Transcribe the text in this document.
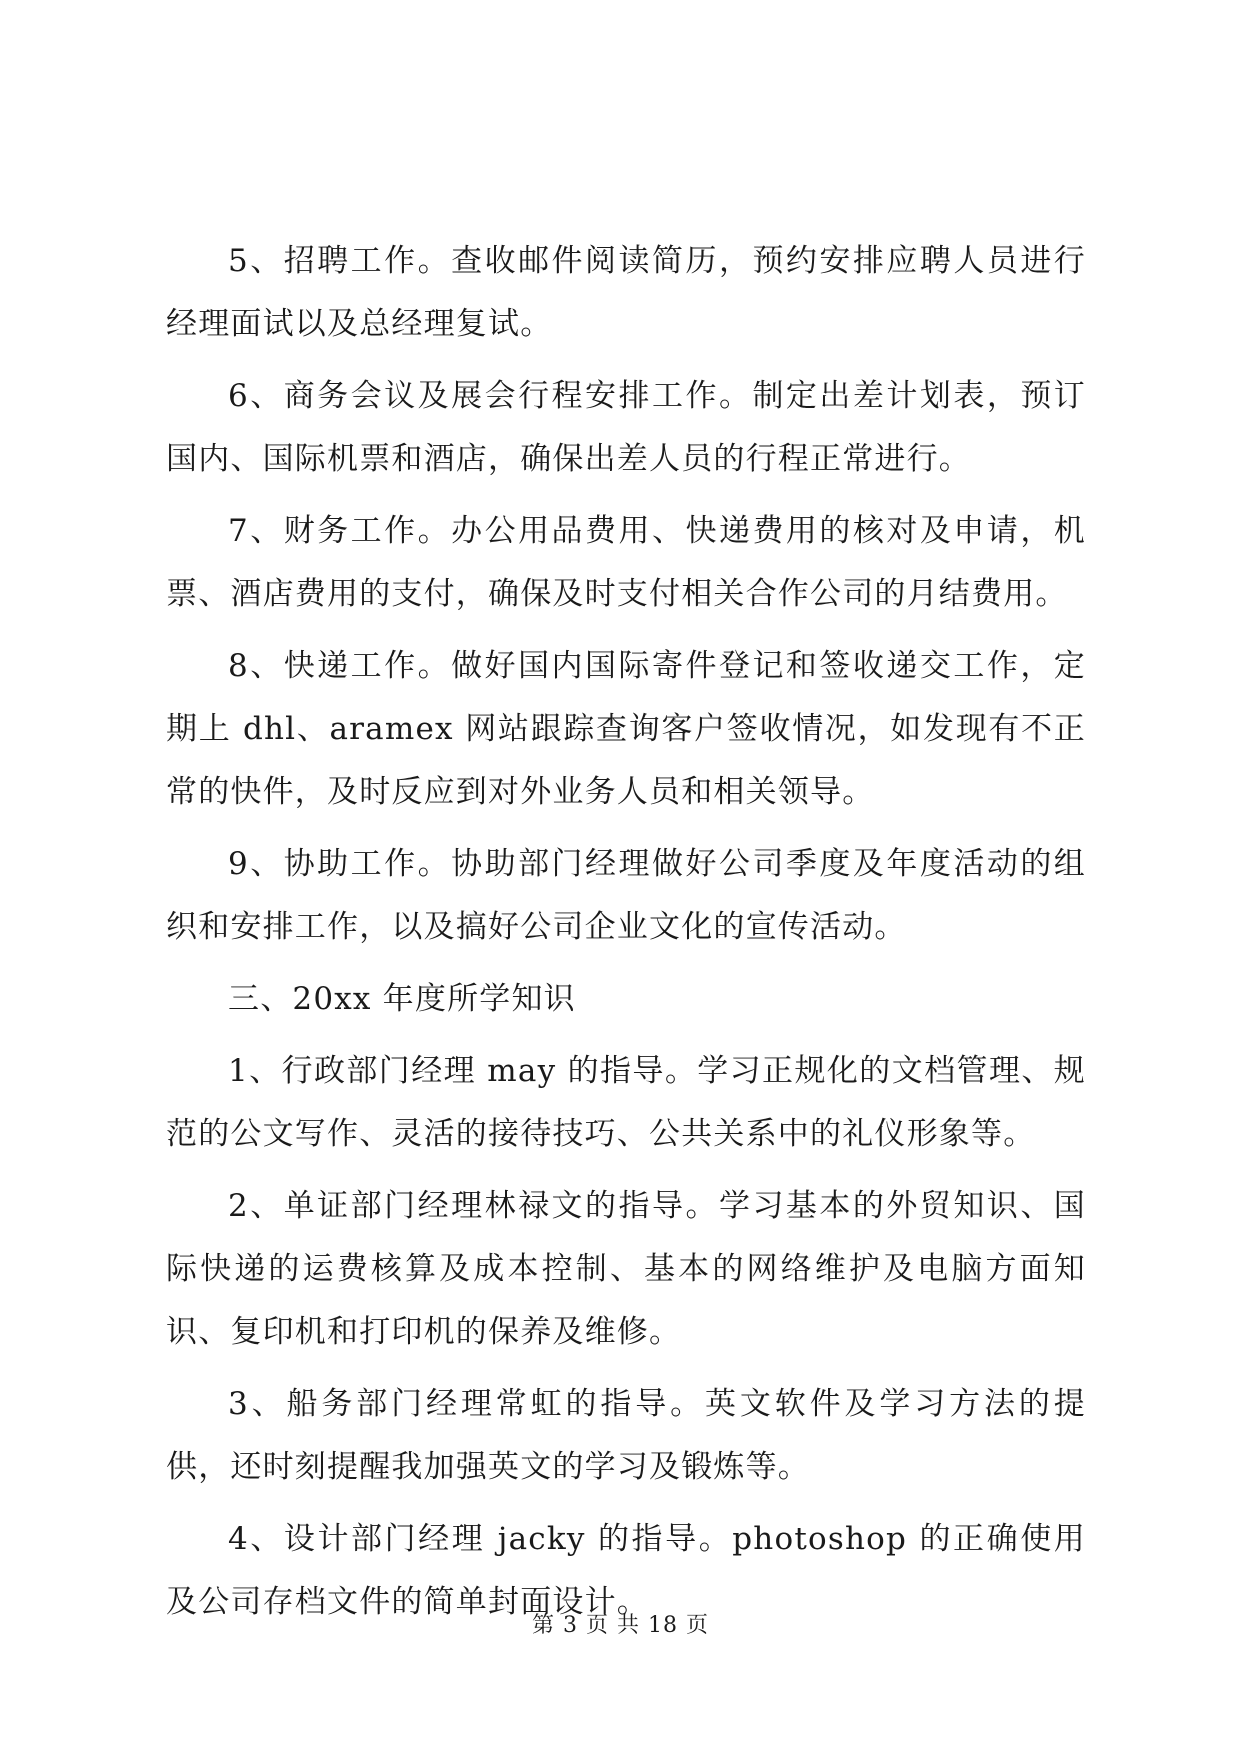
5、招聘工作。查收邮件阅读简历，预约安排应聘人员进行经理面试以及总经理复试。

6、商务会议及展会行程安排工作。制定出差计划表，预订国内、国际机票和酒店，确保出差人员的行程正常进行。

7、财务工作。办公用品费用、快递费用的核对及申请，机票、酒店费用的支付，确保及时支付相关合作公司的月结费用。

8、快递工作。做好国内国际寄件登记和签收递交工作，定期上 dhl、aramex 网站跟踪查询客户签收情况，如发现有不正常的快件，及时反应到对外业务人员和相关领导。

9、协助工作。协助部门经理做好公司季度及年度活动的组织和安排工作，以及搞好公司企业文化的宣传活动。

三、20xx 年度所学知识

1、行政部门经理 may 的指导。学习正规化的文档管理、规范的公文写作、灵活的接待技巧、公共关系中的礼仪形象等。

2、单证部门经理林禄文的指导。学习基本的外贸知识、国际快递的运费核算及成本控制、基本的网络维护及电脑方面知识、复印机和打印机的保养及维修。

3、船务部门经理常虹的指导。英文软件及学习方法的提供，还时刻提醒我加强英文的学习及锻炼等。

4、设计部门经理 jacky 的指导。photoshop 的正确使用及公司存档文件的简单封面设计。

第 3 页 共 18 页
